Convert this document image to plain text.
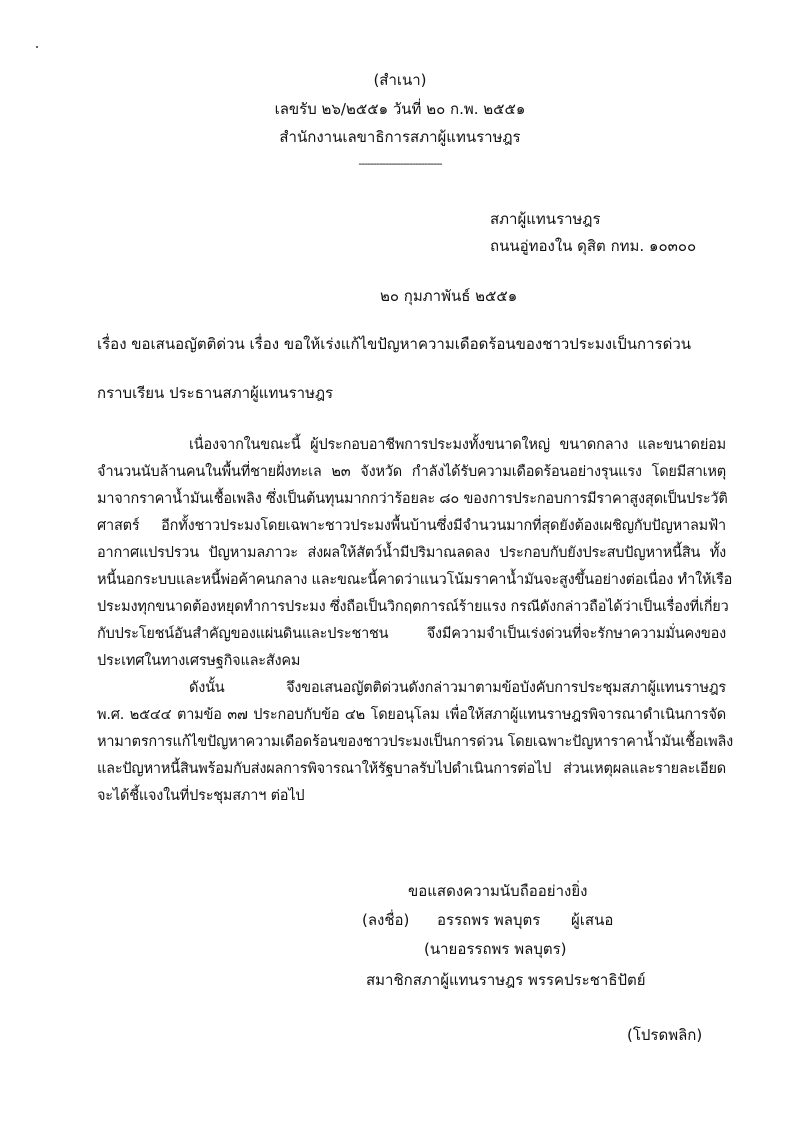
(สำเนา)
เลขรับ ๒๖/๒๕๕๑ วันที่ ๒๐ ก.พ. ๒๕๕๑
สำนักงานเลขาธิการสภาผู้แทนราษฎร
----------------------------
สภาผู้แทนราษฎร
ถนนอู่ทองใน ดุสิต กทม. ๑๐๓๐๐
๒๐ กุมภาพันธ์ ๒๕๕๑
เรื่อง ขอเสนอญัตติด่วน เรื่อง ขอให้เร่งแก้ไขปัญหาความเดือดร้อนของชาวประมงเป็นการด่วน
กราบเรียน ประธานสภาผู้แทนราษฎร
เนื่องจากในขณะนี้ ผู้ประกอบอาชีพการประมงทั้งขนาดใหญ่ ขนาดกลาง และขนาดย่อม
จำนวนนับล้านคนในพื้นที่ชายฝั่งทะเล ๒๓ จังหวัด กำลังได้รับความเดือดร้อนอย่างรุนแรง โดยมีสาเหตุ
มาจากราคาน้ำมันเชื้อเพลิง ซึ่งเป็นต้นทุนมากกว่าร้อยละ ๘๐ ของการประกอบการมีราคาสูงสุดเป็นประวัติ
ศาสตร์ อีกทั้งชาวประมงโดยเฉพาะชาวประมงพื้นบ้านซึ่งมีจำนวนมากที่สุดยังต้องเผชิญกับปัญหาลมฟ้า
อากาศแปรปรวน ปัญหามลภาวะ ส่งผลให้สัตว์น้ำมีปริมาณลดลง ประกอบกับยังประสบปัญหาหนี้สิน ทั้ง
หนี้นอกระบบและหนี้พ่อค้าคนกลาง และขณะนี้คาดว่าแนวโน้มราคาน้ำมันจะสูงขึ้นอย่างต่อเนื่อง ทำให้เรือ
ประมงทุกขนาดต้องหยุดทำการประมง ซึ่งถือเป็นวิกฤตการณ์ร้ายแรง กรณีดังกล่าวถือได้ว่าเป็นเรื่องที่เกี่ยว
กับประโยชน์อันสำคัญของแผ่นดินและประชาชน จึงมีความจำเป็นเร่งด่วนที่จะรักษาความมั่นคงของ
ประเทศในทางเศรษฐกิจและสังคม
ดังนั้น จึงขอเสนอญัตติด่วนดังกล่าวมาตามข้อบังคับการประชุมสภาผู้แทนราษฎร
พ.ศ. ๒๕๔๔ ตามข้อ ๓๗ ประกอบกับข้อ ๔๒ โดยอนุโลม เพื่อให้สภาผู้แทนราษฎรพิจารณาดำเนินการจัด
หามาตรการแก้ไขปัญหาความเดือดร้อนของชาวประมงเป็นการด่วน โดยเฉพาะปัญหาราคาน้ำมันเชื้อเพลิง
และปัญหาหนี้สินพร้อมกับส่งผลการพิจารณาให้รัฐบาลรับไปดำเนินการต่อไป ส่วนเหตุผลและรายละเอียด
จะได้ชี้แจงในที่ประชุมสภาฯ ต่อไป
ขอแสดงความนับถืออย่างยิ่ง
(ลงชื่อ) อรรถพร พลบุตร ผู้เสนอ
(นายอรรถพร พลบุตร)
สมาชิกสภาผู้แทนราษฎร พรรคประชาธิปัตย์
(โปรดพลิก)
